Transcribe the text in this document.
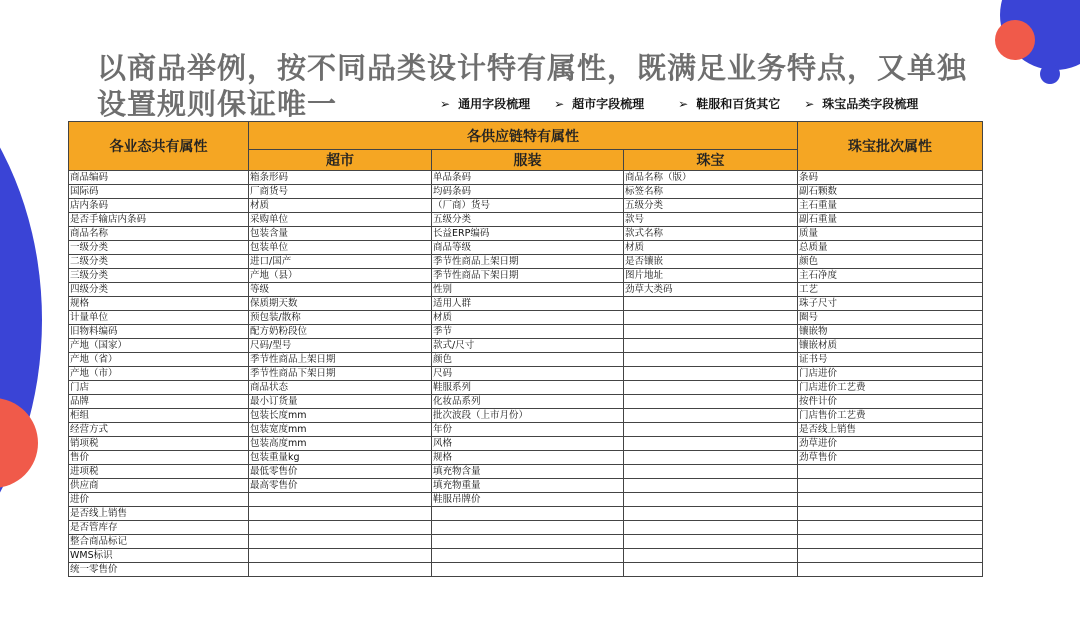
以商品举例，按不同品类设计特有属性，既满足业务特点，又单独设置规则保证唯一	➢ 通用字段梳理 ➢ 超市字段梳理	➢ 鞋服和百货其它 ➢ 珠宝品类字段梳理
各业态共有属性	各供应链特有属性			珠宝批次属性
	超市	服装	珠宝	
商品编码	箱条形码	单品条码	商品名称（版）	条码
国际码	厂商货号	均码条码	标签名称	副石颗数
店内条码	材质	（厂商）货号	五级分类	主石重量
是否手输店内条码	采购单位	五级分类	款号	副石重量
商品名称	包装含量	长益ERP编码	款式名称	质量
一级分类	包装单位	商品等级	材质	总质量
二级分类	进口/国产	季节性商品上架日期	是否镶嵌	颜色
三级分类	产地（县）	季节性商品下架日期	图片地址	主石净度
四级分类	等级	性别	劲草大类码	工艺
规格	保质期天数	适用人群		珠子尺寸
计量单位	预包装/散称	材质		圈号
旧物料编码	配方奶粉段位	季节		镶嵌物
产地（国家）	尺码/型号	款式/尺寸		镶嵌材质
产地（省）	季节性商品上架日期	颜色		证书号
产地（市）	季节性商品下架日期	尺码		门店进价
门店	商品状态	鞋服系列		门店进价工艺费
品牌	最小订货量	化妆品系列		按件计价
柜组	包装长度mm	批次波段（上市月份）		门店售价工艺费
经营方式	包装宽度mm	年份		是否线上销售
销项税	包装高度mm	风格		劲草进价
售价	包装重量kg	规格		劲草售价
进项税	最低零售价	填充物含量		
供应商	最高零售价	填充物重量		
进价		鞋服吊牌价		
是否线上销售				
是否管库存				
整合商品标记				
WMS标识				
统一零售价				
